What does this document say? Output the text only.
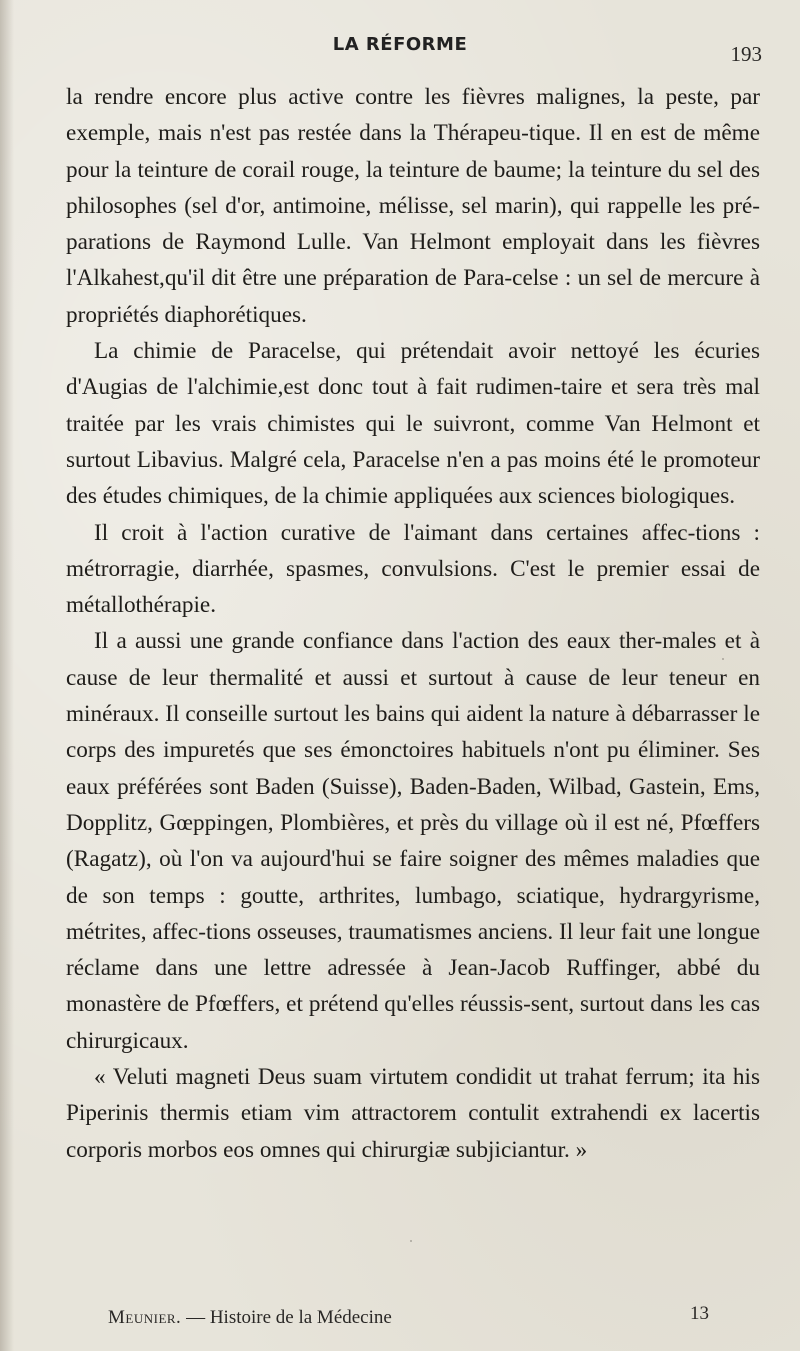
LA RÉFORME	193

la rendre encore plus active contre les fièvres malignes, la peste, par exemple, mais n'est pas restée dans la Thérapeu-tique. Il en est de même pour la teinture de corail rouge, la teinture de baume; la teinture du sel des philosophes (sel d'or, antimoine, mélisse, sel marin), qui rappelle les pré-parations de Raymond Lulle. Van Helmont employait dans les fièvres l'Alkahest,qu'il dit être une préparation de Para-celse : un sel de mercure à propriétés diaphorétiques.

La chimie de Paracelse, qui prétendait avoir nettoyé les écuries d'Augias de l'alchimie,est donc tout à fait rudimen-taire et sera très mal traitée par les vrais chimistes qui le suivront, comme Van Helmont et surtout Libavius. Malgré cela, Paracelse n'en a pas moins été le promoteur des études chimiques, de la chimie appliquées aux sciences biologiques.

Il croit à l'action curative de l'aimant dans certaines affec-tions : métrorragie, diarrhée, spasmes, convulsions. C'est le premier essai de métallothérapie.

Il a aussi une grande confiance dans l'action des eaux ther-males et à cause de leur thermalité et aussi et surtout à cause de leur teneur en minéraux. Il conseille surtout les bains qui aident la nature à débarrasser le corps des impuretés que ses émonctoires habituels n'ont pu éliminer. Ses eaux préférées sont Baden (Suisse), Baden-Baden, Wilbad, Gastein, Ems, Dopplitz, Gœppingen, Plombières, et près du village où il est né, Pfœffers (Ragatz), où l'on va aujourd'hui se faire soigner des mêmes maladies que de son temps : goutte, arthrites, lumbago, sciatique, hydrargyrisme, métrites, affec-tions osseuses, traumatismes anciens. Il leur fait une longue réclame dans une lettre adressée à Jean-Jacob Ruffinger, abbé du monastère de Pfœffers, et prétend qu'elles réussis-sent, surtout dans les cas chirurgicaux.

« Veluti magneti Deus suam virtutem condidit ut trahat ferrum; ita his Piperinis thermis etiam vim attractorem contulit extrahendi ex lacertis corporis morbos eos omnes qui chirurgiæ subjiciantur. »

Meunier. — Histoire de la Médecine	13
